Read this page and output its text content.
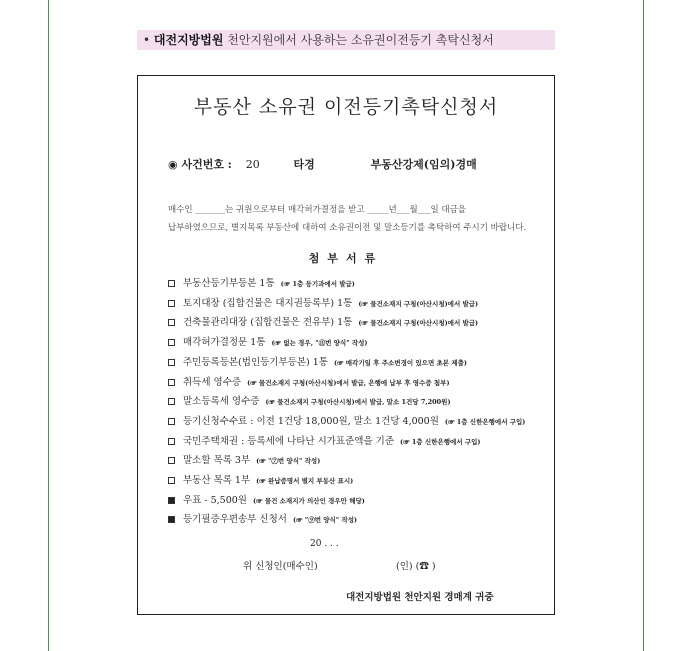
• 대전지방법원 천안지원에서 사용하는 소유권이전등기 촉탁신청서
부동산 소유권 이전등기촉탁신청서
◉ 사건번호 : 20	타경	부동산강제(임의)경매
매수인 _______는 귀원으로부터 매각허가결정을 받고 _____년___월___일 대금을
납부하였으므로, 별지목록 부동산에 대하여 소유권이전 및 말소등기를 촉탁하여 주시기 바랍니다.
첨부서류
부동산등기부등본 1통 (☞ 1층 등기과에서 발급)
토지대장 (집합건물은 대지권등록부) 1통 (☞ 물건소재지 구청(아산시청)에서 발급)
건축물관리대장 (집합건물은 전유부) 1통 (☞ 물건소재지 구청(아산시청)에서 발급)
매각허가결정문 1통 (☞ 없는 경우, "⑪번 양식" 작성)
주민등록등본(법인등기부등본) 1통 (☞ 매각기일 후 주소변경이 있으면 초본 제출)
취득세 영수증 (☞ 물건소재지 구청(아산시청)에서 발급, 은행에 납부 후 영수증 첨부)
말소등록세 영수증 (☞ 물건소재지 구청(아산시청)에서 발급, 말소 1건당 7,200원)
등기신청수수료 : 이전 1건당 18,000원, 말소 1건당 4,000원 (☞ 1층 신한은행에서 구입)
국민주택채권 : 등록세에 나타난 시가표준액을 기준 (☞ 1층 신한은행에서 구입)
말소할 목록 3부 (☞ "⑦번 양식" 작성)
부동산 목록 1부 (☞ 완납증명서 별지 부동산 표시)
우표 - 5,500원 (☞ 물건 소재지가 의산인 경우만 해당)
등기필증우편송부 신청서 (☞ "⑨번 양식" 작성)
20 . . .
위 신청인(매수인)	(인) (☎ )
대전지방법원 천안지원 경매계 귀중
